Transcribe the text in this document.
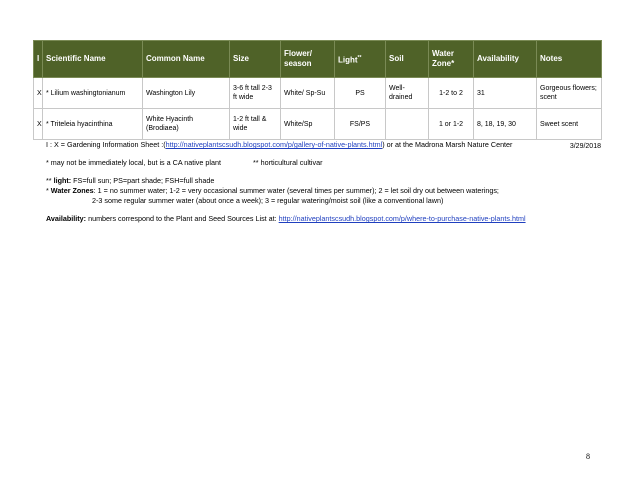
I	Scientific Name	Common Name	Size	Flower/ season	Light**	Soil	Water Zone*	Availability	Notes
X	* Lilium washingtonianum	Washington Lily	3-6 ft tall 2-3 ft wide	White/ Sp-Su	PS	Well-drained	1-2 to 2	31	Gorgeous flowers; scent
X	* Triteleia hyacinthina	White Hyacinth (Brodiaea)	1-2 ft tall & wide	White/Sp	FS/PS		1 or 1-2	8, 18, 19, 30	Sweet scent
3/29/2018

I : X = Gardening Information Sheet :(http://nativeplantscsudh.blogspot.com/p/gallery-of-native-plants.html) or at the Madrona Marsh Nature Center

* may not be immediately local, but is a CA native plant	** horticultural cultivar

** light: FS=full sun; PS=part shade; FSH=full shade

* Water Zones: 1 = no summer water; 1-2 = very occasional summer water (several times per summer); 2 = let soil dry out between waterings;

2-3 some regular summer water (about once a week); 3 = regular watering/moist soil (like a conventional lawn)

Availability: numbers correspond to the Plant and Seed Sources List at: http://nativeplantscsudh.blogspot.com/p/where-to-purchase-native-plants.html

8
